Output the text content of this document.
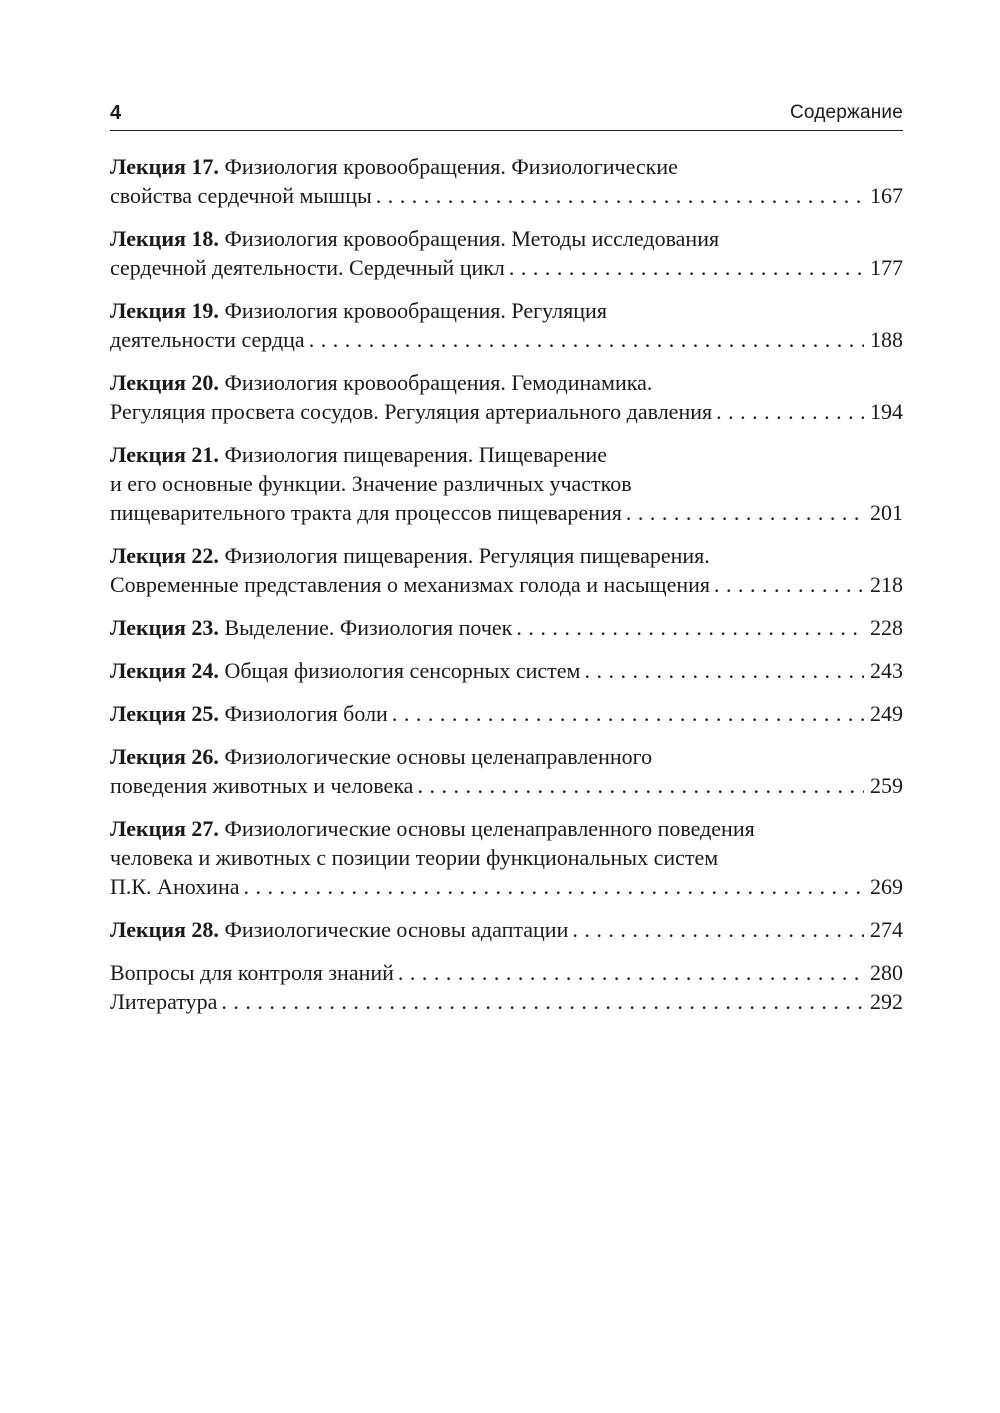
4	Содержание
Лекция 17. Физиология кровообращения. Физиологические
свойства сердечной мышцы . . .	167
Лекция 18. Физиология кровообращения. Методы исследования
сердечной деятельности. Сердечный цикл . . .	177
Лекция 19. Физиология кровообращения. Регуляция
деятельности сердца . . .	188
Лекция 20. Физиология кровообращения. Гемодинамика.
Регуляция просвета сосудов. Регуляция артериального давления . . .	194
Лекция 21. Физиология пищеварения. Пищеварение
и его основные функции. Значение различных участков
пищеварительного тракта для процессов пищеварения . . .	201
Лекция 22. Физиология пищеварения. Регуляция пищеварения.
Современные представления о механизмах голода и насыщения . . .	218
Лекция 23. Выделение. Физиология почек . . .	228
Лекция 24. Общая физиология сенсорных систем . . .	243
Лекция 25. Физиология боли . . .	249
Лекция 26. Физиологические основы целенаправленного
поведения животных и человека . . .	259
Лекция 27. Физиологические основы целенаправленного поведения
человека и животных с позиции теории функциональных систем
П.К. Анохина . . .	269
Лекция 28. Физиологические основы адаптации . . .	274
Вопросы для контроля знаний . . .	280
Литература . . .	292
